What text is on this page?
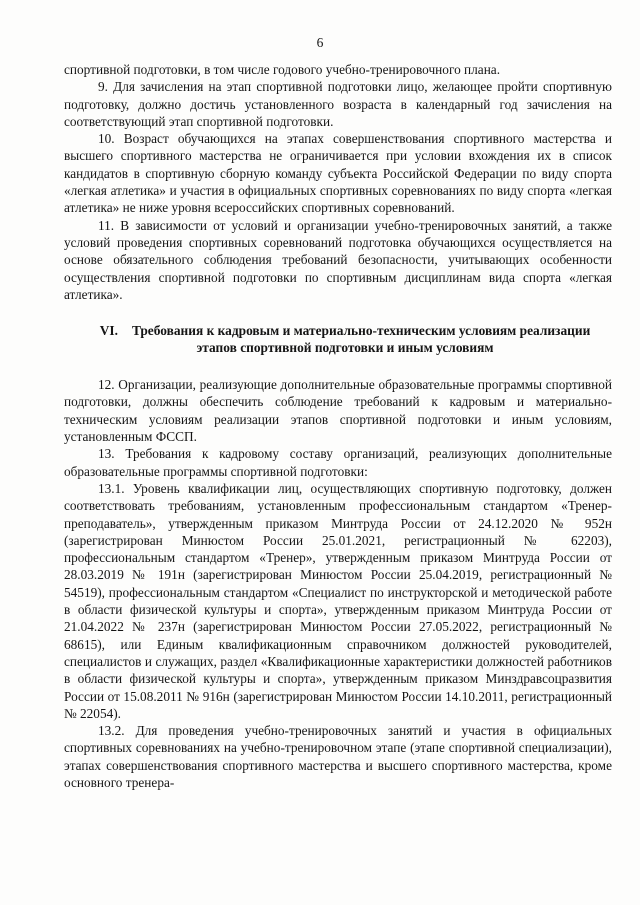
6

спортивной подготовки, в том числе годового учебно-тренировочного плана.

9. Для зачисления на этап спортивной подготовки лицо, желающее пройти спортивную подготовку, должно достичь установленного возраста в календарный год зачисления на соответствующий этап спортивной подготовки.

10. Возраст обучающихся на этапах совершенствования спортивного мастерства и высшего спортивного мастерства не ограничивается при условии вхождения их в список кандидатов в спортивную сборную команду субъекта Российской Федерации по виду спорта «легкая атлетика» и участия в официальных спортивных соревнованиях по виду спорта «легкая атлетика» не ниже уровня всероссийских спортивных соревнований.

11. В зависимости от условий и организации учебно-тренировочных занятий, а также условий проведения спортивных соревнований подготовка обучающихся осуществляется на основе обязательного соблюдения требований безопасности, учитывающих особенности осуществления спортивной подготовки по спортивным дисциплинам вида спорта «легкая атлетика».

VI. Требования к кадровым и материально-техническим условиям реализации этапов спортивной подготовки и иным условиям

12. Организации, реализующие дополнительные образовательные программы спортивной подготовки, должны обеспечить соблюдение требований к кадровым и материально-техническим условиям реализации этапов спортивной подготовки и иным условиям, установленным ФССП.

13. Требования к кадровому составу организаций, реализующих дополнительные образовательные программы спортивной подготовки:

13.1. Уровень квалификации лиц, осуществляющих спортивную подготовку, должен соответствовать требованиям, установленным профессиональным стандартом «Тренер-преподаватель», утвержденным приказом Минтруда России от 24.12.2020 № 952н (зарегистрирован Минюстом России 25.01.2021, регистрационный № 62203), профессиональным стандартом «Тренер», утвержденным приказом Минтруда России от 28.03.2019 № 191н (зарегистрирован Минюстом России 25.04.2019, регистрационный № 54519), профессиональным стандартом «Специалист по инструкторской и методической работе в области физической культуры и спорта», утвержденным приказом Минтруда России от 21.04.2022 № 237н (зарегистрирован Минюстом России 27.05.2022, регистрационный № 68615), или Единым квалификационным справочником должностей руководителей, специалистов и служащих, раздел «Квалификационные характеристики должностей работников в области физической культуры и спорта», утвержденным приказом Минздравсоцразвития России от 15.08.2011 № 916н (зарегистрирован Минюстом России 14.10.2011, регистрационный № 22054).

13.2. Для проведения учебно-тренировочных занятий и участия в официальных спортивных соревнованиях на учебно-тренировочном этапе (этапе спортивной специализации), этапах совершенствования спортивного мастерства и высшего спортивного мастерства, кроме основного тренера-
